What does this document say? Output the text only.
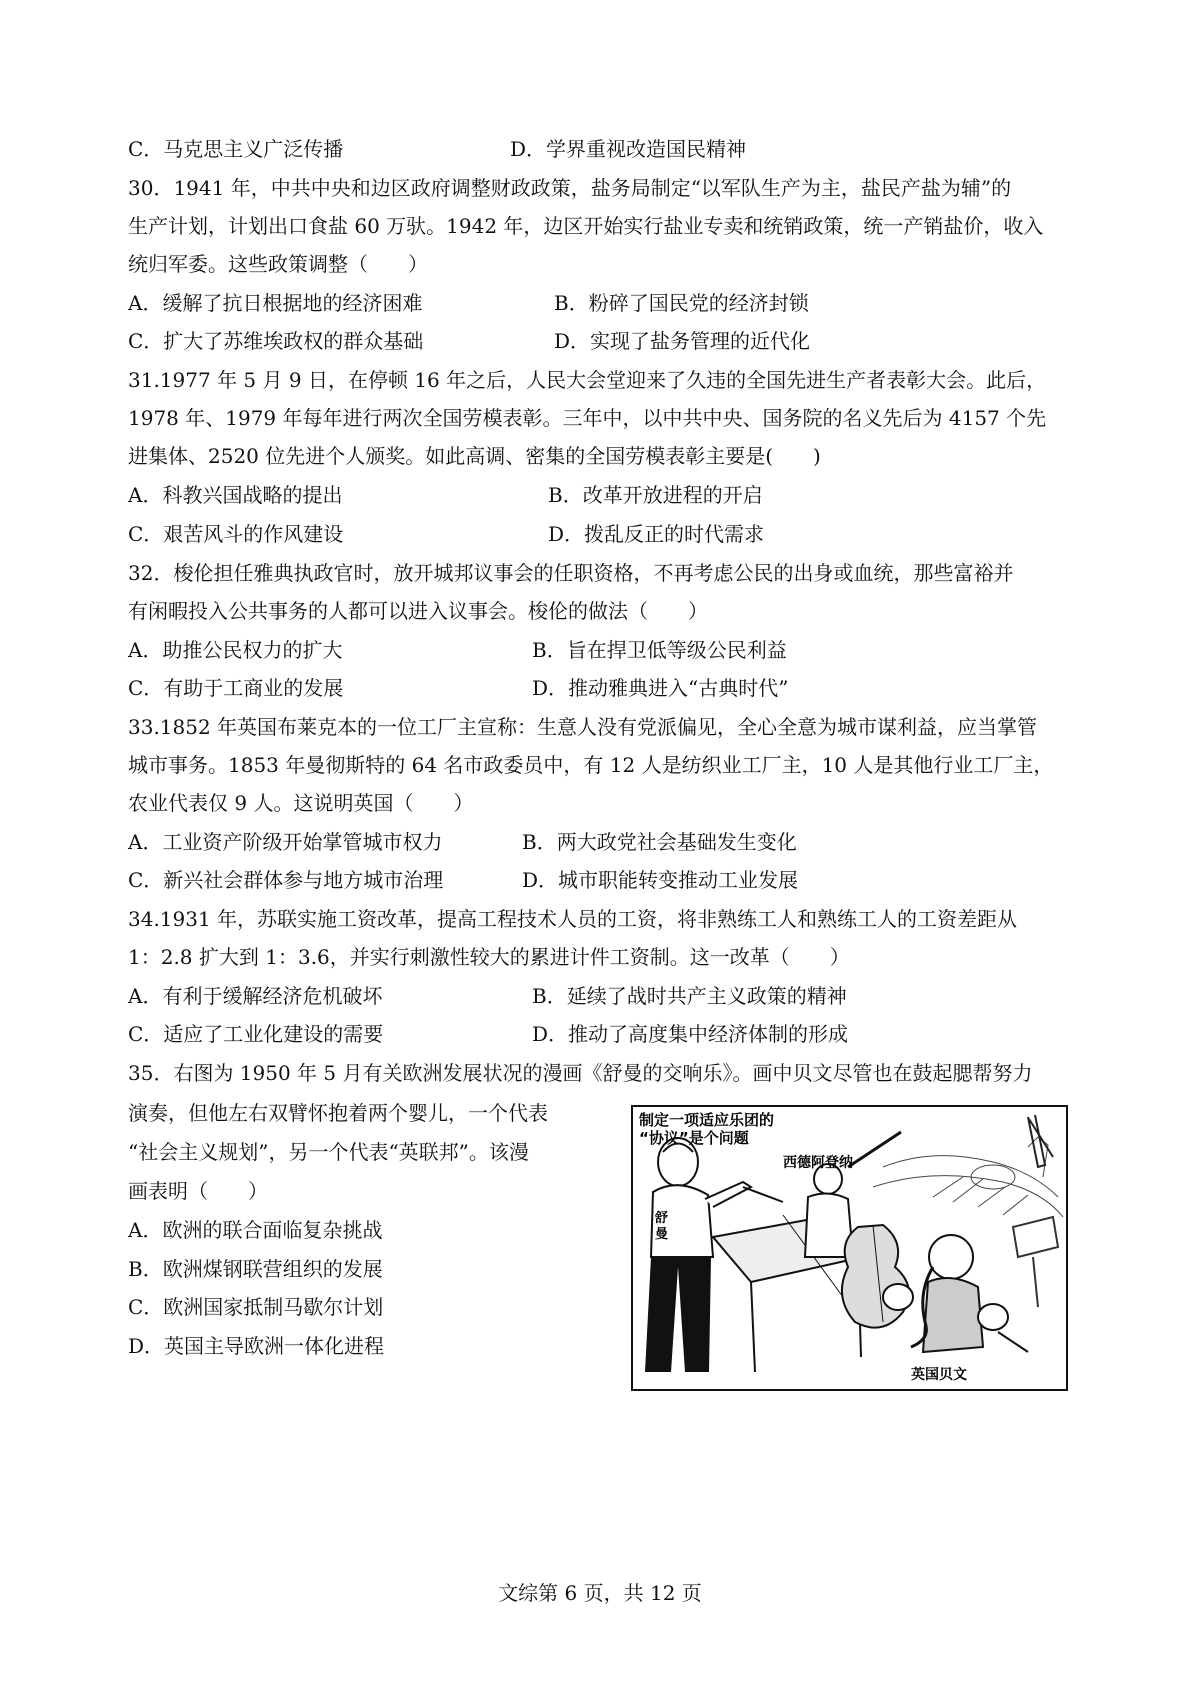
C．马克思主义广泛传播	D．学界重视改造国民精神
30．1941 年，中共中央和边区政府调整财政政策，盐务局制定“以军队生产为主，盐民产盐为辅”的
生产计划，计划出口食盐 60 万驮。1942 年，边区开始实行盐业专卖和统销政策，统一产销盐价，收入
统归军委。这些政策调整（　　）
A．缓解了抗日根据地的经济困难	B．粉碎了国民党的经济封锁
C．扩大了苏维埃政权的群众基础	D．实现了盐务管理的近代化
31.1977 年 5 月 9 日，在停顿 16 年之后，人民大会堂迎来了久违的全国先进生产者表彰大会。此后，
1978 年、1979 年每年进行两次全国劳模表彰。三年中，以中共中央、国务院的名义先后为 4157 个先
进集体、2520 位先进个人颁奖。如此高调、密集的全国劳模表彰主要是(　　)
A．科教兴国战略的提出	B．改革开放进程的开启
C．艰苦风斗的作风建设	D．拨乱反正的时代需求
32．梭伦担任雅典执政官时，放开城邦议事会的任职资格，不再考虑公民的出身或血统，那些富裕并
有闲暇投入公共事务的人都可以进入议事会。梭伦的做法（　　）
A．助推公民权力的扩大	B．旨在捍卫低等级公民利益
C．有助于工商业的发展	D．推动雅典进入“古典时代”
33.1852 年英国布莱克本的一位工厂主宣称：生意人没有党派偏见，全心全意为城市谋利益，应当掌管
城市事务。1853 年曼彻斯特的 64 名市政委员中，有 12 人是纺织业工厂主，10 人是其他行业工厂主，
农业代表仅 9 人。这说明英国（　　）
A．工业资产阶级开始掌管城市权力	B．两大政党社会基础发生变化
C．新兴社会群体参与地方城市治理	D．城市职能转变推动工业发展
34.1931 年，苏联实施工资改革，提高工程技术人员的工资，将非熟练工人和熟练工人的工资差距从
1：2.8 扩大到 1：3.6，并实行刺激性较大的累进计件工资制。这一改革（　　）
A．有利于缓解经济危机破坏	B．延续了战时共产主义政策的精神
C．适应了工业化建设的需要	D．推动了高度集中经济体制的形成
35．右图为 1950 年 5 月有关欧洲发展状况的漫画《舒曼的交响乐》。画中贝文尽管也在鼓起腮帮努力
演奏，但他左右双臂怀抱着两个婴儿，一个代表
“社会主义规划”，另一个代表“英联邦”。该漫
画表明（　　）
A．欧洲的联合面临复杂挑战
B．欧洲煤钢联营组织的发展
C．欧洲国家抵制马歇尔计划
D．英国主导欧洲一体化进程
制定一项适应乐团的
“协议”是个问题
西德阿登纳
舒
曼
英国贝文
文综第 6 页，共 12 页
